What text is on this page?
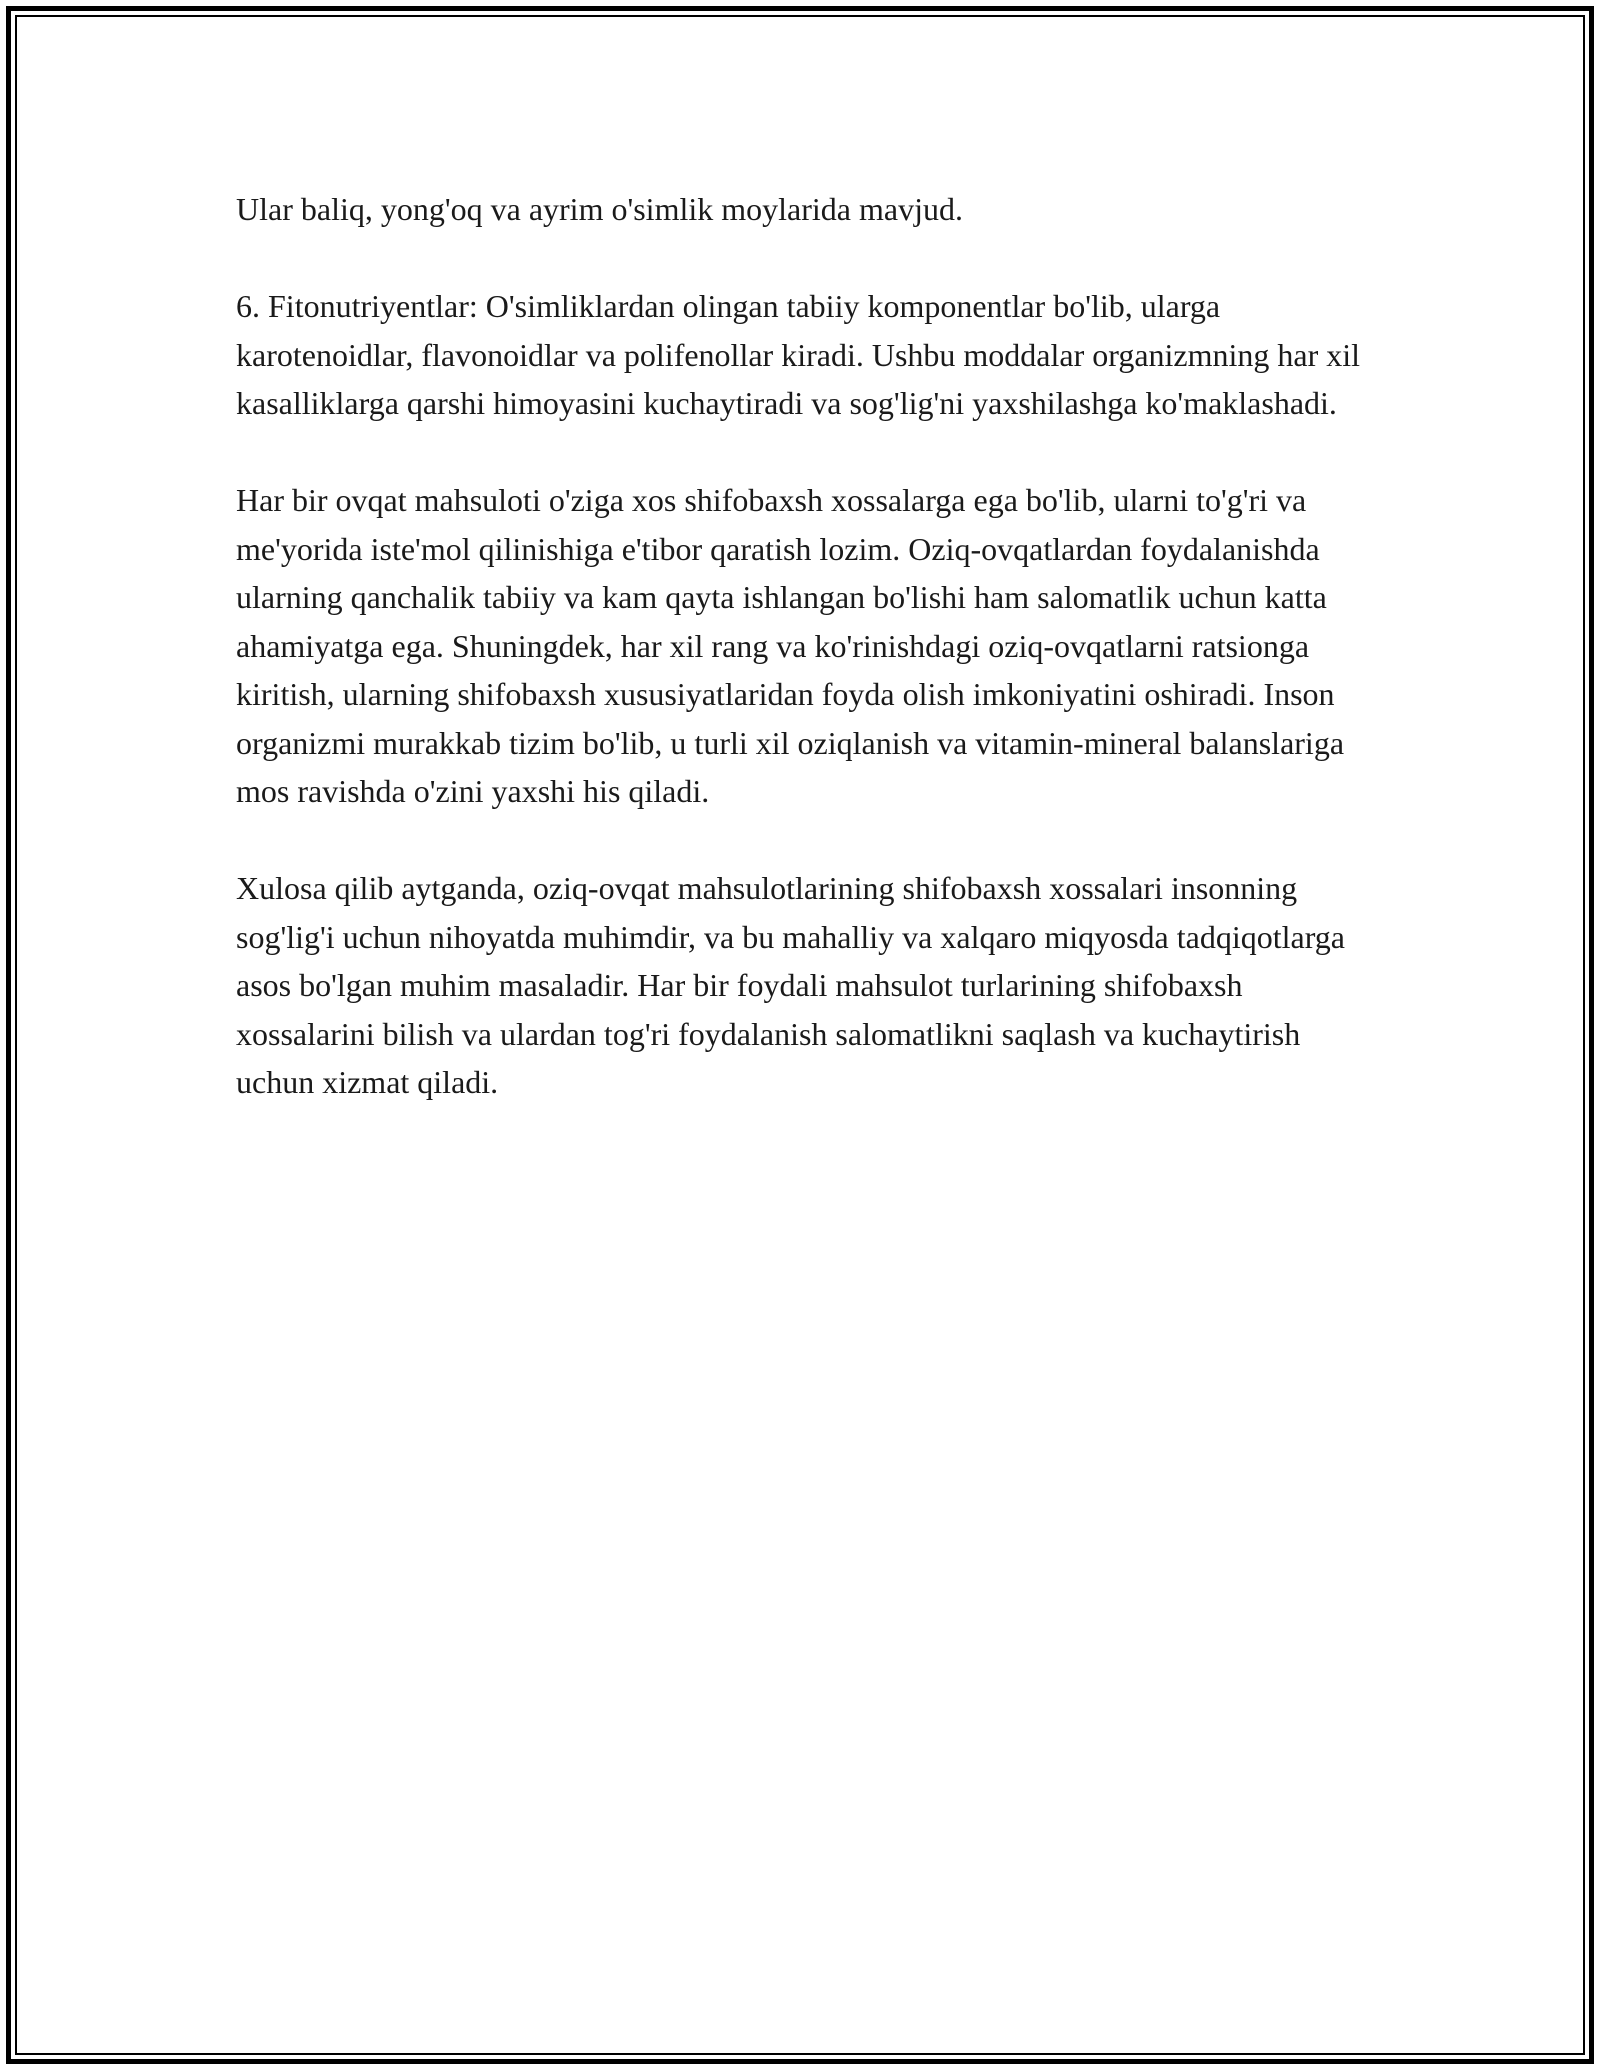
Ular baliq, yong'oq va ayrim o'simlik moylarida mavjud.

6. Fitonutriyentlar: O'simliklardan olingan tabiiy komponentlar bo'lib, ularga karotenoidlar, flavonoidlar va polifenollar kiradi. Ushbu moddalar organizmning har xil kasalliklarga qarshi himoyasini kuchaytiradi va sog'lig'ni yaxshilashga ko'maklashadi.

Har bir ovqat mahsuloti o'ziga xos shifobaxsh xossalarga ega bo'lib, ularni to'g'ri va me'yorida iste'mol qilinishiga e'tibor qaratish lozim. Oziq-ovqatlardan foydalanishda ularning qanchalik tabiiy va kam qayta ishlangan bo'lishi ham salomatlik uchun katta ahamiyatga ega. Shuningdek, har xil rang va ko'rinishdagi oziq-ovqatlarni ratsionga kiritish, ularning shifobaxsh xususiyatlaridan foyda olish imkoniyatini oshiradi. Inson organizmi murakkab tizim bo'lib, u turli xil oziqlanish va vitamin-mineral balanslariga mos ravishda o'zini yaxshi his qiladi.

Xulosa qilib aytganda, oziq-ovqat mahsulotlarining shifobaxsh xossalari insonning sog'lig'i uchun nihoyatda muhimdir, va bu mahalliy va xalqaro miqyosda tadqiqotlarga asos bo'lgan muhim masaladir. Har bir foydali mahsulot turlarining shifobaxsh xossalarini bilish va ulardan tog'ri foydalanish salomatlikni saqlash va kuchaytirish uchun xizmat qiladi.
